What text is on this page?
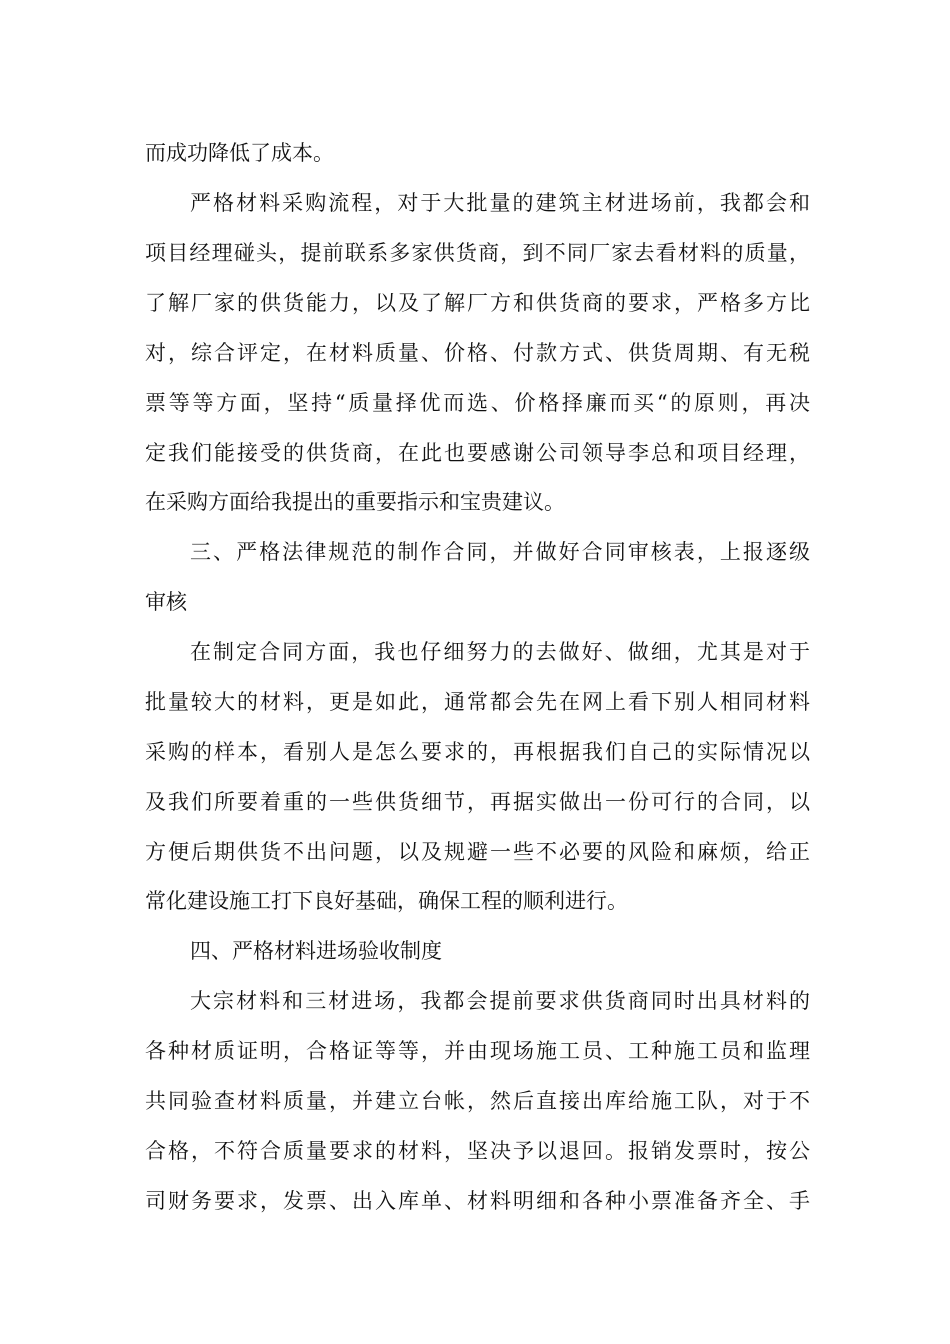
而成功降低了成本。
严格材料采购流程，对于大批量的建筑主材进场前，我都会和
项目经理碰头，提前联系多家供货商，到不同厂家去看材料的质量，
了解厂家的供货能力，以及了解厂方和供货商的要求，严格多方比
对，综合评定，在材料质量、价格、付款方式、供货周期、有无税
票等等方面，坚持“质量择优而选、价格择廉而买“的原则，再决
定我们能接受的供货商，在此也要感谢公司领导李总和项目经理，
在采购方面给我提出的重要指示和宝贵建议。
三、严格法律规范的制作合同，并做好合同审核表，上报逐级
审核
在制定合同方面，我也仔细努力的去做好、做细，尤其是对于
批量较大的材料，更是如此，通常都会先在网上看下别人相同材料
采购的样本，看别人是怎么要求的，再根据我们自己的实际情况以
及我们所要着重的一些供货细节，再据实做出一份可行的合同，以
方便后期供货不出问题，以及规避一些不必要的风险和麻烦，给正
常化建设施工打下良好基础，确保工程的顺利进行。
四、严格材料进场验收制度
大宗材料和三材进场，我都会提前要求供货商同时出具材料的
各种材质证明，合格证等等，并由现场施工员、工种施工员和监理
共同验查材料质量，并建立台帐，然后直接出库给施工队，对于不
合格，不符合质量要求的材料，坚决予以退回。报销发票时，按公
司财务要求，发票、出入库单、材料明细和各种小票准备齐全、手
